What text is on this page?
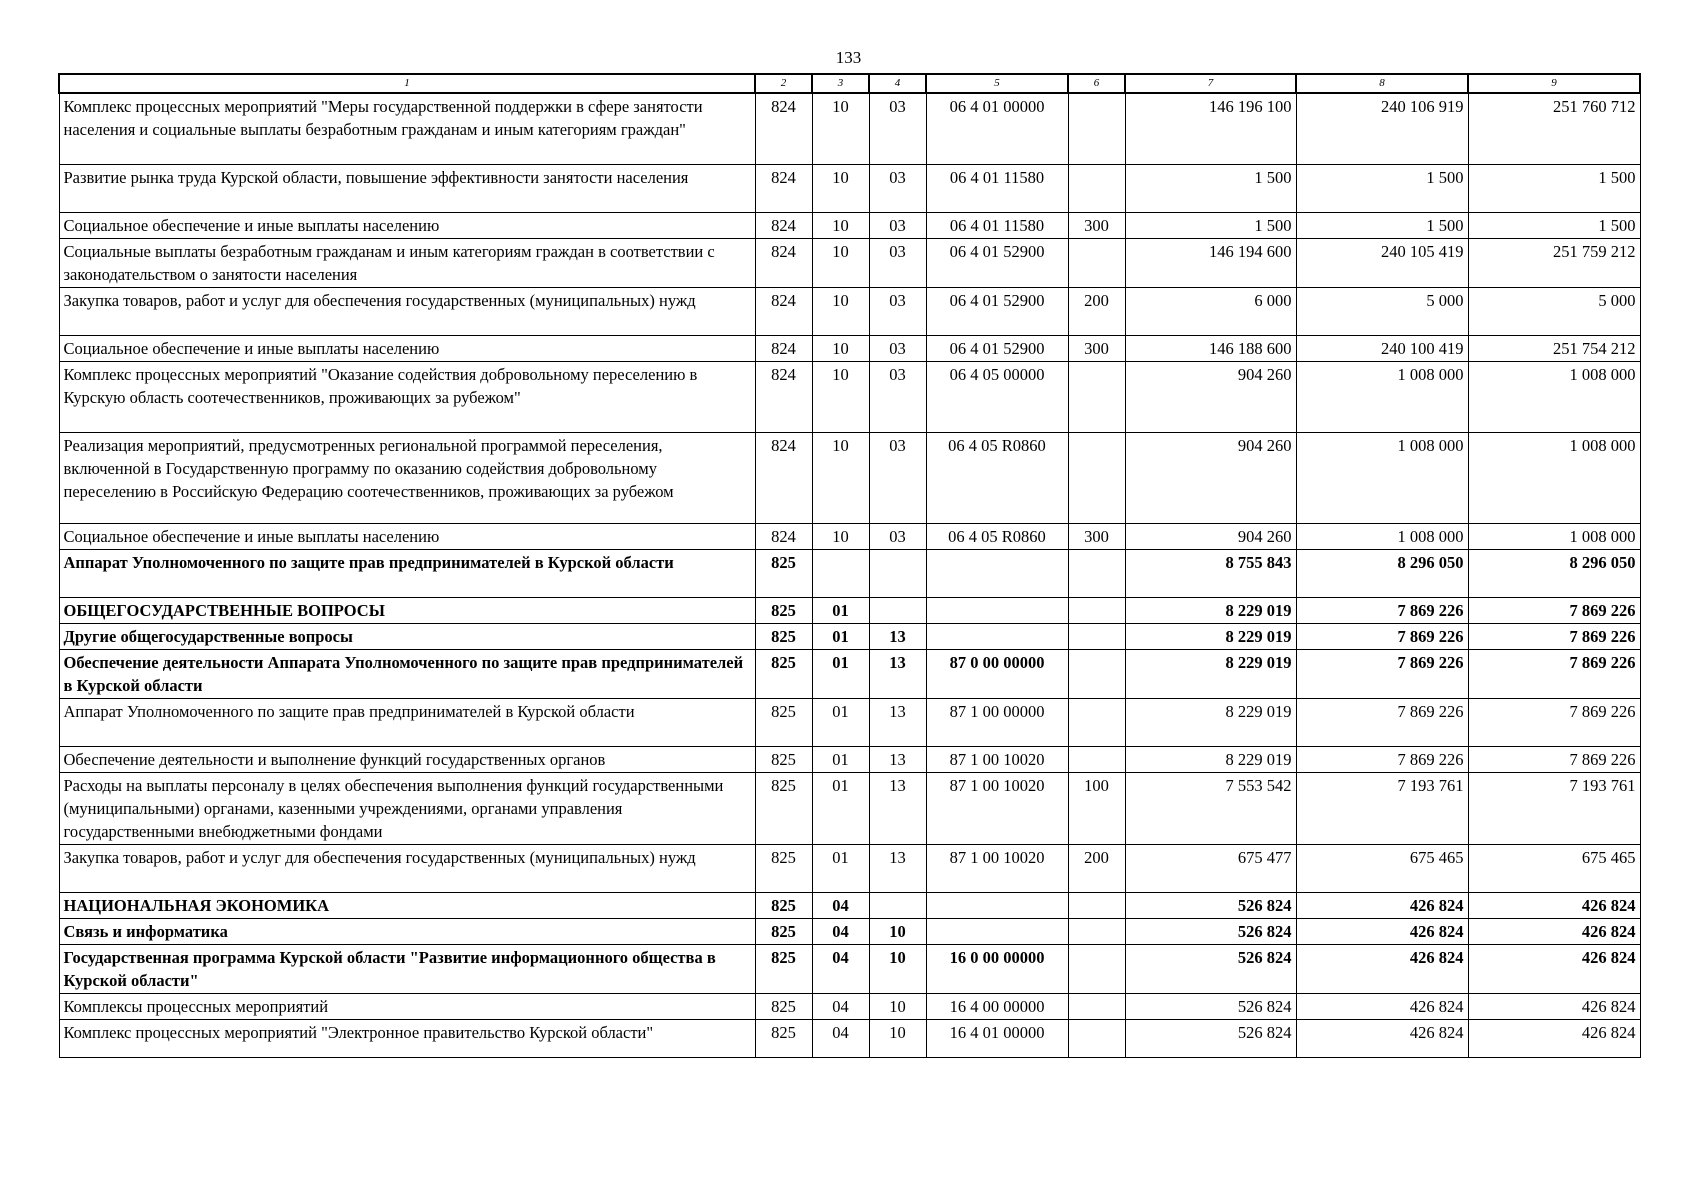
133
1	2	3	4	5	6	7	8	9
Комплекс процессных мероприятий "Меры государственной поддержки в сфере занятости населения и социальные выплаты безработным гражданам и иным категориям граждан"	824	10	03	06 4 01 00000		146 196 100	240 106 919	251 760 712
Развитие рынка труда Курской области, повышение эффективности занятости населения	824	10	03	06 4 01 11580		1 500	1 500	1 500
Социальное обеспечение и иные выплаты населению	824	10	03	06 4 01 11580	300	1 500	1 500	1 500
Социальные выплаты безработным гражданам и иным категориям граждан в соответствии с законодательством о занятости населения	824	10	03	06 4 01 52900		146 194 600	240 105 419	251 759 212
Закупка товаров, работ и услуг для обеспечения государственных (муниципальных) нужд	824	10	03	06 4 01 52900	200	6 000	5 000	5 000
Социальное обеспечение и иные выплаты населению	824	10	03	06 4 01 52900	300	146 188 600	240 100 419	251 754 212
Комплекс процессных мероприятий "Оказание содействия добровольному переселению в Курскую область соотечественников, проживающих за рубежом"	824	10	03	06 4 05 00000		904 260	1 008 000	1 008 000
Реализация мероприятий, предусмотренных региональной программой переселения, включенной в Государственную программу по оказанию содействия добровольному переселению в Российскую Федерацию соотечественников, проживающих за рубежом	824	10	03	06 4 05 R0860		904 260	1 008 000	1 008 000
Социальное обеспечение и иные выплаты населению	824	10	03	06 4 05 R0860	300	904 260	1 008 000	1 008 000
Аппарат Уполномоченного по защите прав предпринимателей в Курской области	825					8 755 843	8 296 050	8 296 050
ОБЩЕГОСУДАРСТВЕННЫЕ ВОПРОСЫ	825	01				8 229 019	7 869 226	7 869 226
Другие общегосударственные вопросы	825	01	13			8 229 019	7 869 226	7 869 226
Обеспечение деятельности Аппарата Уполномоченного по защите прав предпринимателей в Курской области	825	01	13	87 0 00 00000		8 229 019	7 869 226	7 869 226
Аппарат Уполномоченного по защите прав предпринимателей в Курской области	825	01	13	87 1 00 00000		8 229 019	7 869 226	7 869 226
Обеспечение деятельности и выполнение функций государственных органов	825	01	13	87 1 00 10020		8 229 019	7 869 226	7 869 226
Расходы на выплаты персоналу в целях обеспечения выполнения функций государственными (муниципальными) органами, казенными учреждениями, органами управления государственными внебюджетными фондами	825	01	13	87 1 00 10020	100	7 553 542	7 193 761	7 193 761
Закупка товаров, работ и услуг для обеспечения государственных (муниципальных) нужд	825	01	13	87 1 00 10020	200	675 477	675 465	675 465
НАЦИОНАЛЬНАЯ ЭКОНОМИКА	825	04				526 824	426 824	426 824
Связь и информатика	825	04	10			526 824	426 824	426 824
Государственная программа Курской области "Развитие информационного общества в Курской области"	825	04	10	16 0 00 00000		526 824	426 824	426 824
Комплексы процессных мероприятий	825	04	10	16 4 00 00000		526 824	426 824	426 824
Комплекс процессных мероприятий "Электронное правительство Курской области"	825	04	10	16 4 01 00000		526 824	426 824	426 824
